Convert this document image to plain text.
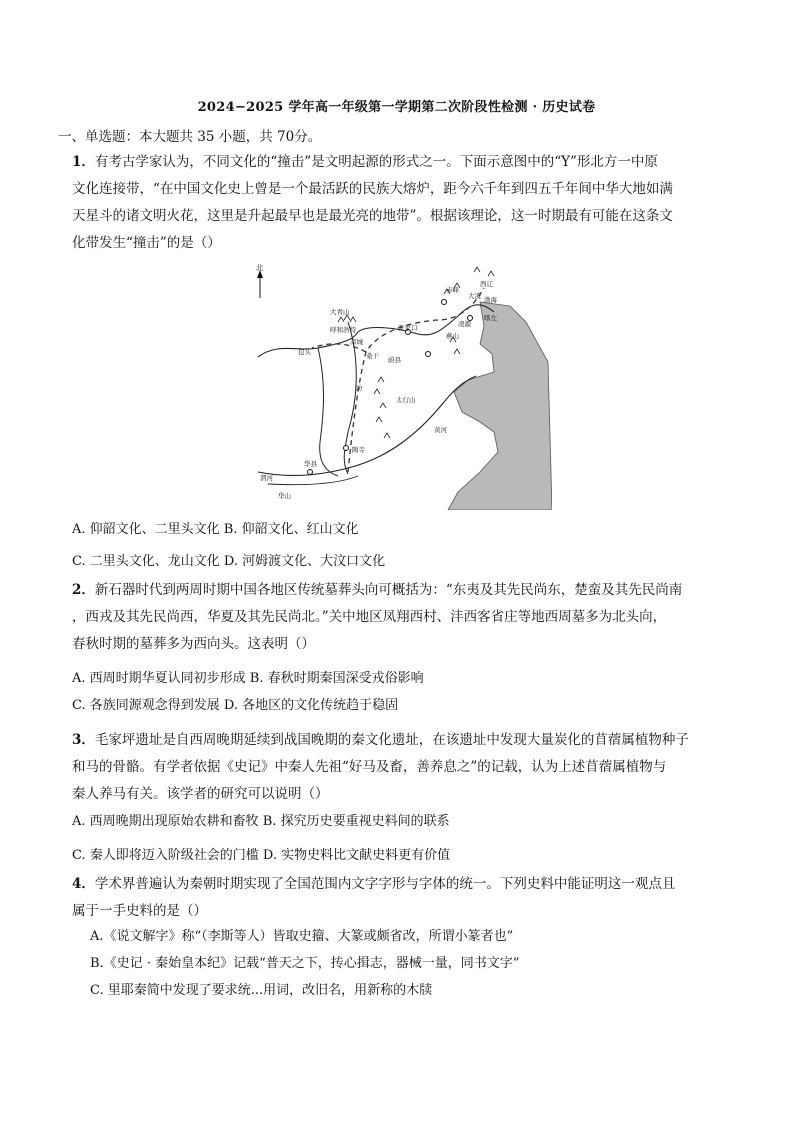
2024−2025 学年高一年级第一学期第二次阶段性检测 · 历史试卷
一、单选题：本大题共 35 小题，共 70分。
1．有考古学家认为，不同文化的“撞击”是文明起源的形式之一。下面示意图中的“Y”形北方一中原
文化连接带，“在中国文化史上曾是一个最活跃的民族大熔炉，距今六千年到四五千年间中华大地如满
天星斗的诸文明火花，这里是升起最早也是最光亮的地带”。根据该理论，这一时期最有可能在这条文
化带发生“撞击”的是（）
北
赤峰
大青山
呼和浩特
凉城
包头
张家口
桑干 蔚县
渤海
大凌
西辽
喀左
凌源
燕山
汾
太行山
陶寺
渭河
华县
华山
黄河
A. 仰韶文化、二里头文化 B. 仰韶文化、红山文化
C. 二里头文化、龙山文化 D. 河姆渡文化、大汶口文化
2．新石器时代到两周时期中国各地区传统墓葬头向可概括为：“东夷及其先民尚东，楚蛮及其先民尚南
，西戎及其先民尚西，华夏及其先民尚北。”关中地区凤翔西村、沣西客省庄等地西周墓多为北头向，
春秋时期的墓葬多为西向头。这表明（）
A. 西周时期华夏认同初步形成 B. 春秋时期秦国深受戎俗影响
C. 各族同源观念得到发展 D. 各地区的文化传统趋于稳固
3．毛家坪遗址是自西周晚期延续到战国晚期的秦文化遗址，在该遗址中发现大量炭化的苜蓿属植物种子
和马的骨骼。有学者依据《史记》中秦人先祖“好马及畜，善养息之”的记载，认为上述苜蓿属植物与
秦人养马有关。该学者的研究可以说明（）
A. 西周晚期出现原始农耕和畜牧 B. 探究历史要重视史料间的联系
C. 秦人即将迈入阶级社会的门槛 D. 实物史料比文献史料更有价值
4．学术界普遍认为秦朝时期实现了全国范围内文字字形与字体的统一。下列史料中能证明这一观点且
属于一手史料的是（）
A.《说文解字》称“（李斯等人）皆取史籀、大篆或颇省改，所谓小篆者也”
B.《史记 · 秦始皇本纪》记载“普天之下，抟心揖志，器械一量，同书文字”
C. 里耶秦简中发现了要求统...用词，改旧名，用新称的木牍
